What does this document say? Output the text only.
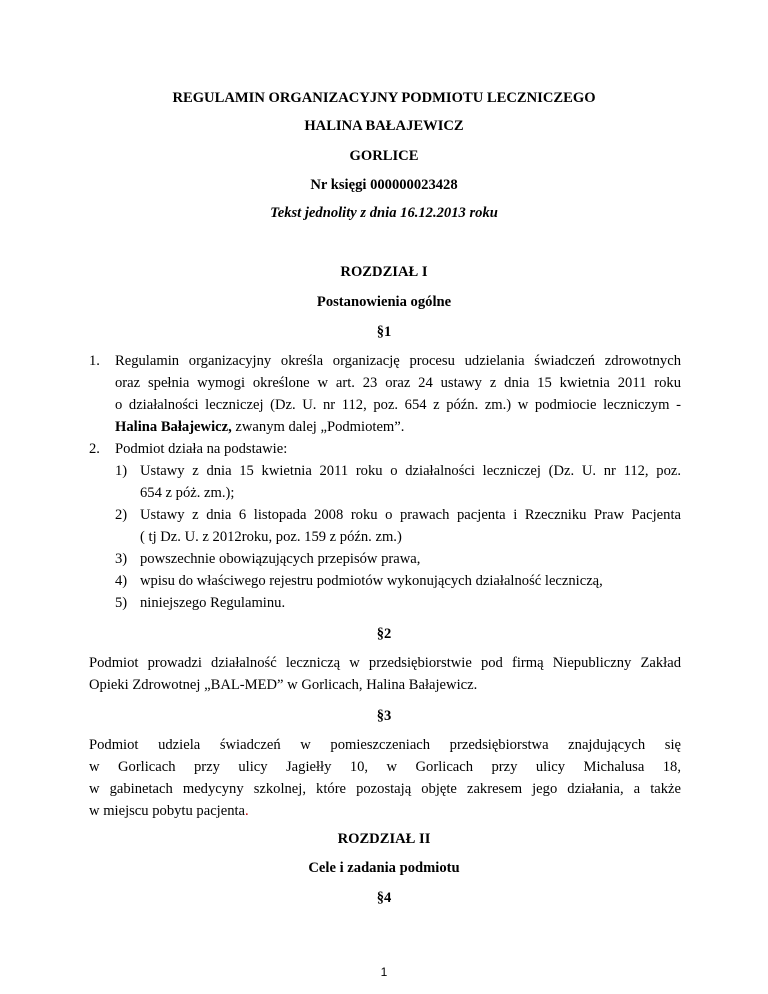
REGULAMIN ORGANIZACYJNY PODMIOTU LECZNICZEGO
HALINA BAŁAJEWICZ
GORLICE
Nr księgi 000000023428
Tekst jednolity z dnia 16.12.2013 roku
ROZDZIAŁ I
Postanowienia ogólne
§1
1. Regulamin organizacyjny określa organizację procesu udzielania świadczeń zdrowotnych
oraz spełnia wymogi określone w art. 23 oraz 24 ustawy z dnia 15 kwietnia 2011 roku
o działalności leczniczej (Dz. U. nr 112, poz. 654 z późn. zm.) w podmiocie leczniczym -
Halina Bałajewicz, zwanym dalej „Podmiotem”.
2. Podmiot działa na podstawie:
1) Ustawy z dnia 15 kwietnia 2011 roku o działalności leczniczej (Dz. U. nr 112, poz.
654 z póż. zm.);
2) Ustawy z dnia 6 listopada 2008 roku o prawach pacjenta i Rzeczniku Praw Pacjenta
( tj Dz. U. z 2012roku, poz. 159 z późn. zm.)
3) powszechnie obowiązujących przepisów prawa,
4) wpisu do właściwego rejestru podmiotów wykonujących działalność leczniczą,
5) niniejszego Regulaminu.
§2
Podmiot prowadzi działalność leczniczą w przedsiębiorstwie pod firmą Niepubliczny Zakład
Opieki Zdrowotnej „BAL-MED” w Gorlicach, Halina Bałajewicz.
§3
Podmiot udziela świadczeń w pomieszczeniach przedsiębiorstwa znajdujących się
w Gorlicach przy ulicy Jagiełły 10, w Gorlicach przy ulicy Michalusa 18,
w gabinetach medycyny szkolnej, które pozostają objęte zakresem jego działania, a także
w miejscu pobytu pacjenta.
ROZDZIAŁ II
Cele i zadania podmiotu
§4
1
